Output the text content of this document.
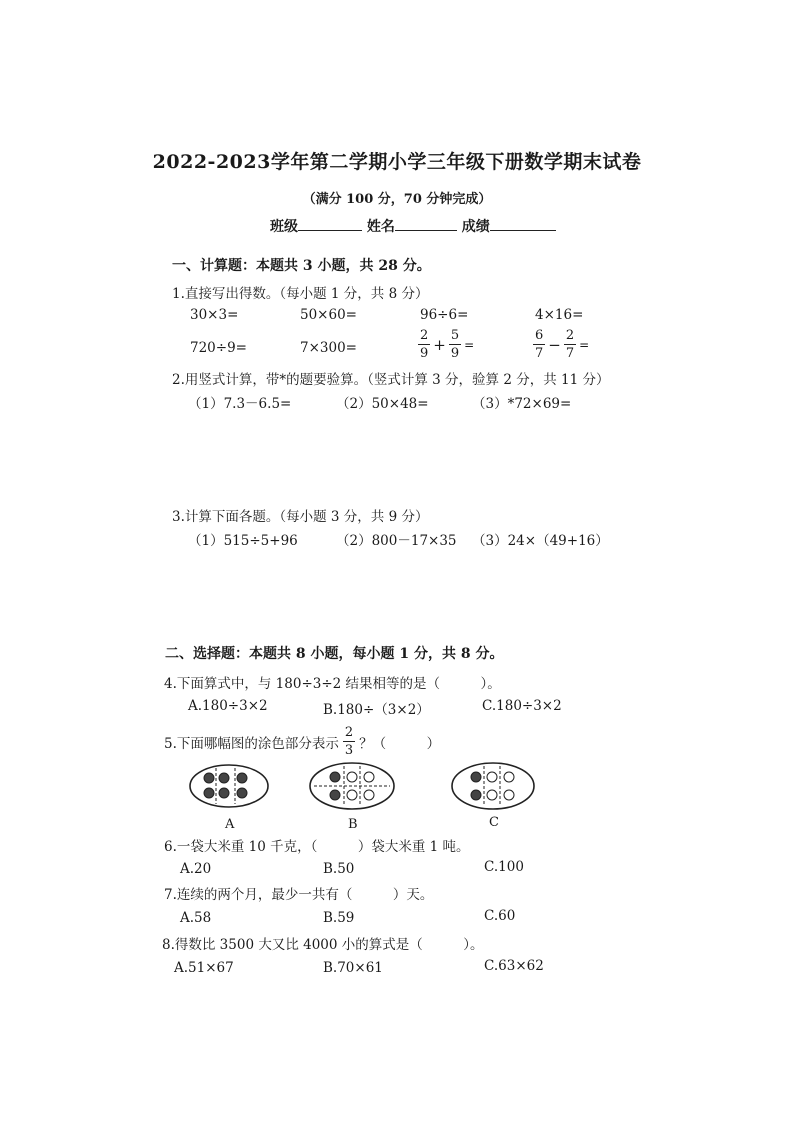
2022-2023学年第二学期小学三年级下册数学期末试卷
（满分 100 分，70 分钟完成）
班级	姓名	成绩
一、计算题：本题共 3 小题，共 28 分。
1.直接写出得数。（每小题 1 分，共 8 分）
30×3=	50×60=	96÷6=	4×16=
720÷9=	7×300=	$\frac{2}{9} + \frac{5}{9}$ =	$\frac{6}{7} - \frac{2}{7}$ =
2.用竖式计算，带*的题要验算。（竖式计算 3 分，验算 2 分，共 11 分）
（1）7.3－6.5=	（2）50×48=	（3）*72×69=
3.计算下面各题。（每小题 3 分，共 9 分）
（1）515÷5+96	（2）800－17×35 （3）24×（49+16）
二、选择题：本题共 8 小题，每小题 1 分，共 8 分。
4.下面算式中，与 180÷3÷2 结果相等的是（　　　）。
A.180÷3×2	B.180÷（3×2）	C.180÷3×2
5.下面哪幅图的涂色部分表示 $\frac{2}{3}$ ？（　　　）
A	B	C
6.一袋大米重 10 千克，（　　　）袋大米重 1 吨。
A.20	B.50	C.100
7.连续的两个月，最少一共有（　　　）天。
A.58	B.59	C.60
8.得数比 3500 大又比 4000 小的算式是（　　　）。
A.51×67	B.70×61	C.63×62
